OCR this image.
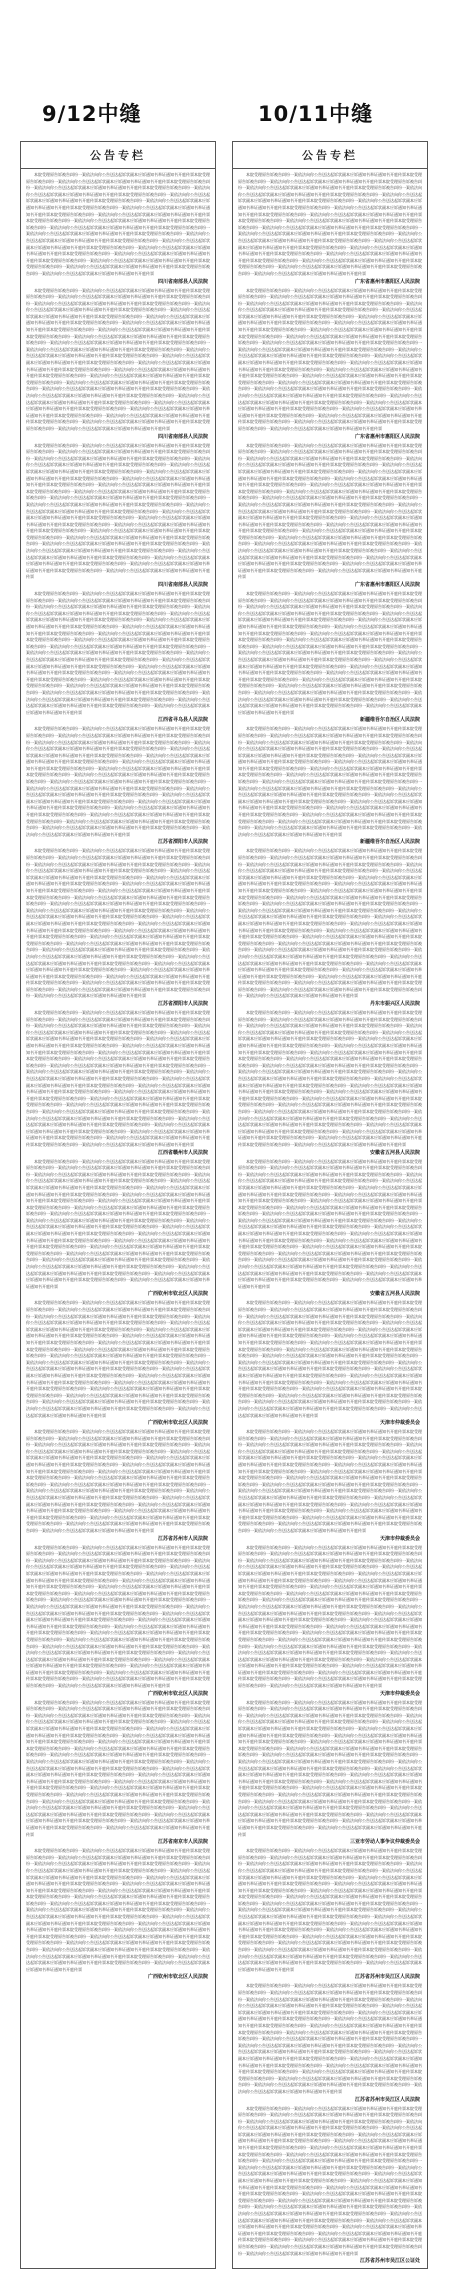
9/12中缝	10/11中缝
公告专栏

本院受理原告诉被告纠纷一案依法向你公告送达起诉状副本应诉通知书举证通知书开庭传票本院受理原告诉被告纠纷一案依法向你公告送达起诉状副本应诉通知书举证通知书开庭传票本院受理原告诉被告纠纷一案依法向你公告送达起诉状副本应诉通知书举证通知书开庭传票本院受理原告诉被告纠纷一案依法向你公告送达起诉状副本应诉通知书举证通知书开庭传票本院受理原告诉被告纠纷一案依法向你公告送达起诉状副本应诉通知书举证通知书开庭传票本院受理原告诉被告纠纷一案依法向你公告送达起诉状副本应诉通知书举证通知书开庭传票本院受理原告诉被告纠纷一案依法向你公告送达起诉状副本应诉通知书举证通知书开庭传票本院受理原告诉被告纠纷一案依法向你公告送达起诉状副本应诉通知书举证通知书开庭传票本院受理原告诉被告纠纷一案依法向你公告送达起诉状副本应诉通知书举证通知书开庭传票本院受理原告诉被告纠纷一案依法向你公告送达起诉状副本应诉通知书举证通知书开庭传票本院受理原告诉被告纠纷一案依法向你公告送达起诉状副本应诉通知书举证通知书开庭传票本院受理原告诉被告纠纷一案依法向你公告送达起诉状副本应诉通知书举证通知书开庭传票本院受理原告诉被告纠纷一案依法向你公告送达起诉状副本应诉通知书举证通知书开庭传票本院受理原告诉被告纠纷一案依法向你公告送达起诉状副本应诉通知书举证通知书开庭传票本院受理原告诉被告纠纷一案依法向你公告送达起诉状副本应诉通知书举证通知书开庭传票本院受理原告诉被告纠纷一案依法向你公告送达起诉状副本应诉通知书举证通知书开庭传票本院受理原告诉被告纠纷一案依法向你公告送达起诉状副本应诉通知书举证通知书开庭传票本院受理原告诉被告纠纷一案依法向你公告送达起诉状副本应诉通知书举证通知书开庭传票

四川省南部县人民法院

本院受理原告诉被告纠纷一案依法向你公告送达起诉状副本应诉通知书举证通知书开庭传票本院受理原告诉被告纠纷一案依法向你公告送达起诉状副本应诉通知书举证通知书开庭传票本院受理原告诉被告纠纷一案依法向你公告送达起诉状副本应诉通知书举证通知书开庭传票本院受理原告诉被告纠纷一案依法向你公告送达起诉状副本应诉通知书举证通知书开庭传票本院受理原告诉被告纠纷一案依法向你公告送达起诉状副本应诉通知书举证通知书开庭传票本院受理原告诉被告纠纷一案依法向你公告送达起诉状副本应诉通知书举证通知书开庭传票本院受理原告诉被告纠纷一案依法向你公告送达起诉状副本应诉通知书举证通知书开庭传票本院受理原告诉被告纠纷一案依法向你公告送达起诉状副本应诉通知书举证通知书开庭传票本院受理原告诉被告纠纷一案依法向你公告送达起诉状副本应诉通知书举证通知书开庭传票本院受理原告诉被告纠纷一案依法向你公告送达起诉状副本应诉通知书举证通知书开庭传票本院受理原告诉被告纠纷一案依法向你公告送达起诉状副本应诉通知书举证通知书开庭传票本院受理原告诉被告纠纷一案依法向你公告送达起诉状副本应诉通知书举证通知书开庭传票本院受理原告诉被告纠纷一案依法向你公告送达起诉状副本应诉通知书举证通知书开庭传票本院受理原告诉被告纠纷一案依法向你公告送达起诉状副本应诉通知书举证通知书开庭传票本院受理原告诉被告纠纷一案依法向你公告送达起诉状副本应诉通知书举证通知书开庭传票本院受理原告诉被告纠纷一案依法向你公告送达起诉状副本应诉通知书举证通知书开庭传票本院受理原告诉被告纠纷一案依法向你公告送达起诉状副本应诉通知书举证通知书开庭传票本院受理原告诉被告纠纷一案依法向你公告送达起诉状副本应诉通知书举证通知书开庭传票本院受理原告诉被告纠纷一案依法向你公告送达起诉状副本应诉通知书举证通知书开庭传票本院受理原告诉被告纠纷一案依法向你公告送达起诉状副本应诉通知书举证通知书开庭传票本院受理原告诉被告纠纷一案依法向你公告送达起诉状副本应诉通知书举证通知书开庭传票本院受理原告诉被告纠纷一案依法向你公告送达起诉状副本应诉通知书举证通知书开庭传票本院受理原告诉被告纠纷一案依法向你公告送达起诉状副本应诉通知书举证通知书开庭传票本院受理原告诉被告纠纷一案依法向你公告送达起诉状副本应诉通知书举证通知书开庭传票本院受理原告诉被告纠纷一案依法向你公告送达起诉状副本应诉通知书举证通知书开庭传票

四川省南部县人民法院

本院受理原告诉被告纠纷一案依法向你公告送达起诉状副本应诉通知书举证通知书开庭传票本院受理原告诉被告纠纷一案依法向你公告送达起诉状副本应诉通知书举证通知书开庭传票本院受理原告诉被告纠纷一案依法向你公告送达起诉状副本应诉通知书举证通知书开庭传票本院受理原告诉被告纠纷一案依法向你公告送达起诉状副本应诉通知书举证通知书开庭传票本院受理原告诉被告纠纷一案依法向你公告送达起诉状副本应诉通知书举证通知书开庭传票本院受理原告诉被告纠纷一案依法向你公告送达起诉状副本应诉通知书举证通知书开庭传票本院受理原告诉被告纠纷一案依法向你公告送达起诉状副本应诉通知书举证通知书开庭传票本院受理原告诉被告纠纷一案依法向你公告送达起诉状副本应诉通知书举证通知书开庭传票本院受理原告诉被告纠纷一案依法向你公告送达起诉状副本应诉通知书举证通知书开庭传票本院受理原告诉被告纠纷一案依法向你公告送达起诉状副本应诉通知书举证通知书开庭传票本院受理原告诉被告纠纷一案依法向你公告送达起诉状副本应诉通知书举证通知书开庭传票本院受理原告诉被告纠纷一案依法向你公告送达起诉状副本应诉通知书举证通知书开庭传票本院受理原告诉被告纠纷一案依法向你公告送达起诉状副本应诉通知书举证通知书开庭传票本院受理原告诉被告纠纷一案依法向你公告送达起诉状副本应诉通知书举证通知书开庭传票本院受理原告诉被告纠纷一案依法向你公告送达起诉状副本应诉通知书举证通知书开庭传票本院受理原告诉被告纠纷一案依法向你公告送达起诉状副本应诉通知书举证通知书开庭传票本院受理原告诉被告纠纷一案依法向你公告送达起诉状副本应诉通知书举证通知书开庭传票本院受理原告诉被告纠纷一案依法向你公告送达起诉状副本应诉通知书举证通知书开庭传票本院受理原告诉被告纠纷一案依法向你公告送达起诉状副本应诉通知书举证通知书开庭传票本院受理原告诉被告纠纷一案依法向你公告送达起诉状副本应诉通知书举证通知书开庭传票本院受理原告诉被告纠纷一案依法向你公告送达起诉状副本应诉通知书举证通知书开庭传票本院受理原告诉被告纠纷一案依法向你公告送达起诉状副本应诉通知书举证通知书开庭传票本院受理原告诉被告纠纷一案依法向你公告送达起诉状副本应诉通知书举证通知书开庭传票

四川省南部县人民法院

本院受理原告诉被告纠纷一案依法向你公告送达起诉状副本应诉通知书举证通知书开庭传票本院受理原告诉被告纠纷一案依法向你公告送达起诉状副本应诉通知书举证通知书开庭传票本院受理原告诉被告纠纷一案依法向你公告送达起诉状副本应诉通知书举证通知书开庭传票本院受理原告诉被告纠纷一案依法向你公告送达起诉状副本应诉通知书举证通知书开庭传票本院受理原告诉被告纠纷一案依法向你公告送达起诉状副本应诉通知书举证通知书开庭传票本院受理原告诉被告纠纷一案依法向你公告送达起诉状副本应诉通知书举证通知书开庭传票本院受理原告诉被告纠纷一案依法向你公告送达起诉状副本应诉通知书举证通知书开庭传票本院受理原告诉被告纠纷一案依法向你公告送达起诉状副本应诉通知书举证通知书开庭传票本院受理原告诉被告纠纷一案依法向你公告送达起诉状副本应诉通知书举证通知书开庭传票本院受理原告诉被告纠纷一案依法向你公告送达起诉状副本应诉通知书举证通知书开庭传票本院受理原告诉被告纠纷一案依法向你公告送达起诉状副本应诉通知书举证通知书开庭传票本院受理原告诉被告纠纷一案依法向你公告送达起诉状副本应诉通知书举证通知书开庭传票本院受理原告诉被告纠纷一案依法向你公告送达起诉状副本应诉通知书举证通知书开庭传票本院受理原告诉被告纠纷一案依法向你公告送达起诉状副本应诉通知书举证通知书开庭传票本院受理原告诉被告纠纷一案依法向你公告送达起诉状副本应诉通知书举证通知书开庭传票本院受理原告诉被告纠纷一案依法向你公告送达起诉状副本应诉通知书举证通知书开庭传票本院受理原告诉被告纠纷一案依法向你公告送达起诉状副本应诉通知书举证通知书开庭传票本院受理原告诉被告纠纷一案依法向你公告送达起诉状副本应诉通知书举证通知书开庭传票本院受理原告诉被告纠纷一案依法向你公告送达起诉状副本应诉通知书举证通知书开庭传票本院受理原告诉被告纠纷一案依法向你公告送达起诉状副本应诉通知书举证通知书开庭传票本院受理原告诉被告纠纷一案依法向你公告送达起诉状副本应诉通知书举证通知书开庭传票

江西省寻乌县人民法院

本院受理原告诉被告纠纷一案依法向你公告送达起诉状副本应诉通知书举证通知书开庭传票本院受理原告诉被告纠纷一案依法向你公告送达起诉状副本应诉通知书举证通知书开庭传票本院受理原告诉被告纠纷一案依法向你公告送达起诉状副本应诉通知书举证通知书开庭传票本院受理原告诉被告纠纷一案依法向你公告送达起诉状副本应诉通知书举证通知书开庭传票本院受理原告诉被告纠纷一案依法向你公告送达起诉状副本应诉通知书举证通知书开庭传票本院受理原告诉被告纠纷一案依法向你公告送达起诉状副本应诉通知书举证通知书开庭传票本院受理原告诉被告纠纷一案依法向你公告送达起诉状副本应诉通知书举证通知书开庭传票本院受理原告诉被告纠纷一案依法向你公告送达起诉状副本应诉通知书举证通知书开庭传票本院受理原告诉被告纠纷一案依法向你公告送达起诉状副本应诉通知书举证通知书开庭传票本院受理原告诉被告纠纷一案依法向你公告送达起诉状副本应诉通知书举证通知书开庭传票本院受理原告诉被告纠纷一案依法向你公告送达起诉状副本应诉通知书举证通知书开庭传票本院受理原告诉被告纠纷一案依法向你公告送达起诉状副本应诉通知书举证通知书开庭传票本院受理原告诉被告纠纷一案依法向你公告送达起诉状副本应诉通知书举证通知书开庭传票本院受理原告诉被告纠纷一案依法向你公告送达起诉状副本应诉通知书举证通知书开庭传票本院受理原告诉被告纠纷一案依法向你公告送达起诉状副本应诉通知书举证通知书开庭传票本院受理原告诉被告纠纷一案依法向你公告送达起诉状副本应诉通知书举证通知书开庭传票本院受理原告诉被告纠纷一案依法向你公告送达起诉状副本应诉通知书举证通知书开庭传票本院受理原告诉被告纠纷一案依法向你公告送达起诉状副本应诉通知书举证通知书开庭传票本院受理原告诉被告纠纷一案依法向你公告送达起诉状副本应诉通知书举证通知书开庭传票

江苏省溧阳市人民法院

本院受理原告诉被告纠纷一案依法向你公告送达起诉状副本应诉通知书举证通知书开庭传票本院受理原告诉被告纠纷一案依法向你公告送达起诉状副本应诉通知书举证通知书开庭传票本院受理原告诉被告纠纷一案依法向你公告送达起诉状副本应诉通知书举证通知书开庭传票本院受理原告诉被告纠纷一案依法向你公告送达起诉状副本应诉通知书举证通知书开庭传票本院受理原告诉被告纠纷一案依法向你公告送达起诉状副本应诉通知书举证通知书开庭传票本院受理原告诉被告纠纷一案依法向你公告送达起诉状副本应诉通知书举证通知书开庭传票本院受理原告诉被告纠纷一案依法向你公告送达起诉状副本应诉通知书举证通知书开庭传票本院受理原告诉被告纠纷一案依法向你公告送达起诉状副本应诉通知书举证通知书开庭传票本院受理原告诉被告纠纷一案依法向你公告送达起诉状副本应诉通知书举证通知书开庭传票本院受理原告诉被告纠纷一案依法向你公告送达起诉状副本应诉通知书举证通知书开庭传票本院受理原告诉被告纠纷一案依法向你公告送达起诉状副本应诉通知书举证通知书开庭传票本院受理原告诉被告纠纷一案依法向你公告送达起诉状副本应诉通知书举证通知书开庭传票本院受理原告诉被告纠纷一案依法向你公告送达起诉状副本应诉通知书举证通知书开庭传票本院受理原告诉被告纠纷一案依法向你公告送达起诉状副本应诉通知书举证通知书开庭传票本院受理原告诉被告纠纷一案依法向你公告送达起诉状副本应诉通知书举证通知书开庭传票本院受理原告诉被告纠纷一案依法向你公告送达起诉状副本应诉通知书举证通知书开庭传票本院受理原告诉被告纠纷一案依法向你公告送达起诉状副本应诉通知书举证通知书开庭传票本院受理原告诉被告纠纷一案依法向你公告送达起诉状副本应诉通知书举证通知书开庭传票本院受理原告诉被告纠纷一案依法向你公告送达起诉状副本应诉通知书举证通知书开庭传票本院受理原告诉被告纠纷一案依法向你公告送达起诉状副本应诉通知书举证通知书开庭传票本院受理原告诉被告纠纷一案依法向你公告送达起诉状副本应诉通知书举证通知书开庭传票本院受理原告诉被告纠纷一案依法向你公告送达起诉状副本应诉通知书举证通知书开庭传票本院受理原告诉被告纠纷一案依法向你公告送达起诉状副本应诉通知书举证通知书开庭传票本院受理原告诉被告纠纷一案依法向你公告送达起诉状副本应诉通知书举证通知书开庭传票本院受理原告诉被告纠纷一案依法向你公告送达起诉状副本应诉通知书举证通知书开庭传票本院受理原告诉被告纠纷一案依法向你公告送达起诉状副本应诉通知书举证通知书开庭传票

江苏省溧阳市人民法院

本院受理原告诉被告纠纷一案依法向你公告送达起诉状副本应诉通知书举证通知书开庭传票本院受理原告诉被告纠纷一案依法向你公告送达起诉状副本应诉通知书举证通知书开庭传票本院受理原告诉被告纠纷一案依法向你公告送达起诉状副本应诉通知书举证通知书开庭传票本院受理原告诉被告纠纷一案依法向你公告送达起诉状副本应诉通知书举证通知书开庭传票本院受理原告诉被告纠纷一案依法向你公告送达起诉状副本应诉通知书举证通知书开庭传票本院受理原告诉被告纠纷一案依法向你公告送达起诉状副本应诉通知书举证通知书开庭传票本院受理原告诉被告纠纷一案依法向你公告送达起诉状副本应诉通知书举证通知书开庭传票本院受理原告诉被告纠纷一案依法向你公告送达起诉状副本应诉通知书举证通知书开庭传票本院受理原告诉被告纠纷一案依法向你公告送达起诉状副本应诉通知书举证通知书开庭传票本院受理原告诉被告纠纷一案依法向你公告送达起诉状副本应诉通知书举证通知书开庭传票本院受理原告诉被告纠纷一案依法向你公告送达起诉状副本应诉通知书举证通知书开庭传票本院受理原告诉被告纠纷一案依法向你公告送达起诉状副本应诉通知书举证通知书开庭传票本院受理原告诉被告纠纷一案依法向你公告送达起诉状副本应诉通知书举证通知书开庭传票本院受理原告诉被告纠纷一案依法向你公告送达起诉状副本应诉通知书举证通知书开庭传票本院受理原告诉被告纠纷一案依法向你公告送达起诉状副本应诉通知书举证通知书开庭传票本院受理原告诉被告纠纷一案依法向你公告送达起诉状副本应诉通知书举证通知书开庭传票本院受理原告诉被告纠纷一案依法向你公告送达起诉状副本应诉通知书举证通知书开庭传票本院受理原告诉被告纠纷一案依法向你公告送达起诉状副本应诉通知书举证通知书开庭传票本院受理原告诉被告纠纷一案依法向你公告送达起诉状副本应诉通知书举证通知书开庭传票本院受理原告诉被告纠纷一案依法向你公告送达起诉状副本应诉通知书举证通知书开庭传票本院受理原告诉被告纠纷一案依法向你公告送达起诉状副本应诉通知书举证通知书开庭传票本院受理原告诉被告纠纷一案依法向你公告送达起诉状副本应诉通知书举证通知书开庭传票本院受理原告诉被告纠纷一案依法向你公告送达起诉状副本应诉通知书举证通知书开庭传票本院受理原告诉被告纠纷一案依法向你公告送达起诉状副本应诉通知书举证通知书开庭传票

江西省赣州市人民法院

本院受理原告诉被告纠纷一案依法向你公告送达起诉状副本应诉通知书举证通知书开庭传票本院受理原告诉被告纠纷一案依法向你公告送达起诉状副本应诉通知书举证通知书开庭传票本院受理原告诉被告纠纷一案依法向你公告送达起诉状副本应诉通知书举证通知书开庭传票本院受理原告诉被告纠纷一案依法向你公告送达起诉状副本应诉通知书举证通知书开庭传票本院受理原告诉被告纠纷一案依法向你公告送达起诉状副本应诉通知书举证通知书开庭传票本院受理原告诉被告纠纷一案依法向你公告送达起诉状副本应诉通知书举证通知书开庭传票本院受理原告诉被告纠纷一案依法向你公告送达起诉状副本应诉通知书举证通知书开庭传票本院受理原告诉被告纠纷一案依法向你公告送达起诉状副本应诉通知书举证通知书开庭传票本院受理原告诉被告纠纷一案依法向你公告送达起诉状副本应诉通知书举证通知书开庭传票本院受理原告诉被告纠纷一案依法向你公告送达起诉状副本应诉通知书举证通知书开庭传票本院受理原告诉被告纠纷一案依法向你公告送达起诉状副本应诉通知书举证通知书开庭传票本院受理原告诉被告纠纷一案依法向你公告送达起诉状副本应诉通知书举证通知书开庭传票本院受理原告诉被告纠纷一案依法向你公告送达起诉状副本应诉通知书举证通知书开庭传票本院受理原告诉被告纠纷一案依法向你公告送达起诉状副本应诉通知书举证通知书开庭传票本院受理原告诉被告纠纷一案依法向你公告送达起诉状副本应诉通知书举证通知书开庭传票本院受理原告诉被告纠纷一案依法向你公告送达起诉状副本应诉通知书举证通知书开庭传票本院受理原告诉被告纠纷一案依法向你公告送达起诉状副本应诉通知书举证通知书开庭传票本院受理原告诉被告纠纷一案依法向你公告送达起诉状副本应诉通知书举证通知书开庭传票本院受理原告诉被告纠纷一案依法向你公告送达起诉状副本应诉通知书举证通知书开庭传票本院受理原告诉被告纠纷一案依法向你公告送达起诉状副本应诉通知书举证通知书开庭传票本院受理原告诉被告纠纷一案依法向你公告送达起诉状副本应诉通知书举证通知书开庭传票本院受理原告诉被告纠纷一案依法向你公告送达起诉状副本应诉通知书举证通知书开庭传票

广西钦州市钦北区人民法院

本院受理原告诉被告纠纷一案依法向你公告送达起诉状副本应诉通知书举证通知书开庭传票本院受理原告诉被告纠纷一案依法向你公告送达起诉状副本应诉通知书举证通知书开庭传票本院受理原告诉被告纠纷一案依法向你公告送达起诉状副本应诉通知书举证通知书开庭传票本院受理原告诉被告纠纷一案依法向你公告送达起诉状副本应诉通知书举证通知书开庭传票本院受理原告诉被告纠纷一案依法向你公告送达起诉状副本应诉通知书举证通知书开庭传票本院受理原告诉被告纠纷一案依法向你公告送达起诉状副本应诉通知书举证通知书开庭传票本院受理原告诉被告纠纷一案依法向你公告送达起诉状副本应诉通知书举证通知书开庭传票本院受理原告诉被告纠纷一案依法向你公告送达起诉状副本应诉通知书举证通知书开庭传票本院受理原告诉被告纠纷一案依法向你公告送达起诉状副本应诉通知书举证通知书开庭传票本院受理原告诉被告纠纷一案依法向你公告送达起诉状副本应诉通知书举证通知书开庭传票本院受理原告诉被告纠纷一案依法向你公告送达起诉状副本应诉通知书举证通知书开庭传票本院受理原告诉被告纠纷一案依法向你公告送达起诉状副本应诉通知书举证通知书开庭传票本院受理原告诉被告纠纷一案依法向你公告送达起诉状副本应诉通知书举证通知书开庭传票本院受理原告诉被告纠纷一案依法向你公告送达起诉状副本应诉通知书举证通知书开庭传票本院受理原告诉被告纠纷一案依法向你公告送达起诉状副本应诉通知书举证通知书开庭传票本院受理原告诉被告纠纷一案依法向你公告送达起诉状副本应诉通知书举证通知书开庭传票本院受理原告诉被告纠纷一案依法向你公告送达起诉状副本应诉通知书举证通知书开庭传票本院受理原告诉被告纠纷一案依法向你公告送达起诉状副本应诉通知书举证通知书开庭传票本院受理原告诉被告纠纷一案依法向你公告送达起诉状副本应诉通知书举证通知书开庭传票本院受理原告诉被告纠纷一案依法向你公告送达起诉状副本应诉通知书举证通知书开庭传票

广西钦州市钦北区人民法院

本院受理原告诉被告纠纷一案依法向你公告送达起诉状副本应诉通知书举证通知书开庭传票本院受理原告诉被告纠纷一案依法向你公告送达起诉状副本应诉通知书举证通知书开庭传票本院受理原告诉被告纠纷一案依法向你公告送达起诉状副本应诉通知书举证通知书开庭传票本院受理原告诉被告纠纷一案依法向你公告送达起诉状副本应诉通知书举证通知书开庭传票本院受理原告诉被告纠纷一案依法向你公告送达起诉状副本应诉通知书举证通知书开庭传票本院受理原告诉被告纠纷一案依法向你公告送达起诉状副本应诉通知书举证通知书开庭传票本院受理原告诉被告纠纷一案依法向你公告送达起诉状副本应诉通知书举证通知书开庭传票本院受理原告诉被告纠纷一案依法向你公告送达起诉状副本应诉通知书举证通知书开庭传票本院受理原告诉被告纠纷一案依法向你公告送达起诉状副本应诉通知书举证通知书开庭传票本院受理原告诉被告纠纷一案依法向你公告送达起诉状副本应诉通知书举证通知书开庭传票本院受理原告诉被告纠纷一案依法向你公告送达起诉状副本应诉通知书举证通知书开庭传票本院受理原告诉被告纠纷一案依法向你公告送达起诉状副本应诉通知书举证通知书开庭传票本院受理原告诉被告纠纷一案依法向你公告送达起诉状副本应诉通知书举证通知书开庭传票本院受理原告诉被告纠纷一案依法向你公告送达起诉状副本应诉通知书举证通知书开庭传票本院受理原告诉被告纠纷一案依法向你公告送达起诉状副本应诉通知书举证通知书开庭传票本院受理原告诉被告纠纷一案依法向你公告送达起诉状副本应诉通知书举证通知书开庭传票本院受理原告诉被告纠纷一案依法向你公告送达起诉状副本应诉通知书举证通知书开庭传票本院受理原告诉被告纠纷一案依法向你公告送达起诉状副本应诉通知书举证通知书开庭传票

江苏省苏州市人民法院

本院受理原告诉被告纠纷一案依法向你公告送达起诉状副本应诉通知书举证通知书开庭传票本院受理原告诉被告纠纷一案依法向你公告送达起诉状副本应诉通知书举证通知书开庭传票本院受理原告诉被告纠纷一案依法向你公告送达起诉状副本应诉通知书举证通知书开庭传票本院受理原告诉被告纠纷一案依法向你公告送达起诉状副本应诉通知书举证通知书开庭传票本院受理原告诉被告纠纷一案依法向你公告送达起诉状副本应诉通知书举证通知书开庭传票本院受理原告诉被告纠纷一案依法向你公告送达起诉状副本应诉通知书举证通知书开庭传票本院受理原告诉被告纠纷一案依法向你公告送达起诉状副本应诉通知书举证通知书开庭传票本院受理原告诉被告纠纷一案依法向你公告送达起诉状副本应诉通知书举证通知书开庭传票本院受理原告诉被告纠纷一案依法向你公告送达起诉状副本应诉通知书举证通知书开庭传票本院受理原告诉被告纠纷一案依法向你公告送达起诉状副本应诉通知书举证通知书开庭传票本院受理原告诉被告纠纷一案依法向你公告送达起诉状副本应诉通知书举证通知书开庭传票本院受理原告诉被告纠纷一案依法向你公告送达起诉状副本应诉通知书举证通知书开庭传票本院受理原告诉被告纠纷一案依法向你公告送达起诉状副本应诉通知书举证通知书开庭传票本院受理原告诉被告纠纷一案依法向你公告送达起诉状副本应诉通知书举证通知书开庭传票本院受理原告诉被告纠纷一案依法向你公告送达起诉状副本应诉通知书举证通知书开庭传票本院受理原告诉被告纠纷一案依法向你公告送达起诉状副本应诉通知书举证通知书开庭传票本院受理原告诉被告纠纷一案依法向你公告送达起诉状副本应诉通知书举证通知书开庭传票本院受理原告诉被告纠纷一案依法向你公告送达起诉状副本应诉通知书举证通知书开庭传票本院受理原告诉被告纠纷一案依法向你公告送达起诉状副本应诉通知书举证通知书开庭传票本院受理原告诉被告纠纷一案依法向你公告送达起诉状副本应诉通知书举证通知书开庭传票本院受理原告诉被告纠纷一案依法向你公告送达起诉状副本应诉通知书举证通知书开庭传票本院受理原告诉被告纠纷一案依法向你公告送达起诉状副本应诉通知书举证通知书开庭传票本院受理原告诉被告纠纷一案依法向你公告送达起诉状副本应诉通知书举证通知书开庭传票本院受理原告诉被告纠纷一案依法向你公告送达起诉状副本应诉通知书举证通知书开庭传票本院受理原告诉被告纠纷一案依法向你公告送达起诉状副本应诉通知书举证通知书开庭传票

广西钦州市钦北区人民法院

本院受理原告诉被告纠纷一案依法向你公告送达起诉状副本应诉通知书举证通知书开庭传票本院受理原告诉被告纠纷一案依法向你公告送达起诉状副本应诉通知书举证通知书开庭传票本院受理原告诉被告纠纷一案依法向你公告送达起诉状副本应诉通知书举证通知书开庭传票本院受理原告诉被告纠纷一案依法向你公告送达起诉状副本应诉通知书举证通知书开庭传票本院受理原告诉被告纠纷一案依法向你公告送达起诉状副本应诉通知书举证通知书开庭传票本院受理原告诉被告纠纷一案依法向你公告送达起诉状副本应诉通知书举证通知书开庭传票本院受理原告诉被告纠纷一案依法向你公告送达起诉状副本应诉通知书举证通知书开庭传票本院受理原告诉被告纠纷一案依法向你公告送达起诉状副本应诉通知书举证通知书开庭传票本院受理原告诉被告纠纷一案依法向你公告送达起诉状副本应诉通知书举证通知书开庭传票本院受理原告诉被告纠纷一案依法向你公告送达起诉状副本应诉通知书举证通知书开庭传票本院受理原告诉被告纠纷一案依法向你公告送达起诉状副本应诉通知书举证通知书开庭传票本院受理原告诉被告纠纷一案依法向你公告送达起诉状副本应诉通知书举证通知书开庭传票本院受理原告诉被告纠纷一案依法向你公告送达起诉状副本应诉通知书举证通知书开庭传票本院受理原告诉被告纠纷一案依法向你公告送达起诉状副本应诉通知书举证通知书开庭传票本院受理原告诉被告纠纷一案依法向你公告送达起诉状副本应诉通知书举证通知书开庭传票本院受理原告诉被告纠纷一案依法向你公告送达起诉状副本应诉通知书举证通知书开庭传票本院受理原告诉被告纠纷一案依法向你公告送达起诉状副本应诉通知书举证通知书开庭传票本院受理原告诉被告纠纷一案依法向你公告送达起诉状副本应诉通知书举证通知书开庭传票本院受理原告诉被告纠纷一案依法向你公告送达起诉状副本应诉通知书举证通知书开庭传票本院受理原告诉被告纠纷一案依法向你公告送达起诉状副本应诉通知书举证通知书开庭传票本院受理原告诉被告纠纷一案依法向你公告送达起诉状副本应诉通知书举证通知书开庭传票本院受理原告诉被告纠纷一案依法向你公告送达起诉状副本应诉通知书举证通知书开庭传票本院受理原告诉被告纠纷一案依法向你公告送达起诉状副本应诉通知书举证通知书开庭传票

江苏省南京市人民法院

本院受理原告诉被告纠纷一案依法向你公告送达起诉状副本应诉通知书举证通知书开庭传票本院受理原告诉被告纠纷一案依法向你公告送达起诉状副本应诉通知书举证通知书开庭传票本院受理原告诉被告纠纷一案依法向你公告送达起诉状副本应诉通知书举证通知书开庭传票本院受理原告诉被告纠纷一案依法向你公告送达起诉状副本应诉通知书举证通知书开庭传票本院受理原告诉被告纠纷一案依法向你公告送达起诉状副本应诉通知书举证通知书开庭传票本院受理原告诉被告纠纷一案依法向你公告送达起诉状副本应诉通知书举证通知书开庭传票本院受理原告诉被告纠纷一案依法向你公告送达起诉状副本应诉通知书举证通知书开庭传票本院受理原告诉被告纠纷一案依法向你公告送达起诉状副本应诉通知书举证通知书开庭传票本院受理原告诉被告纠纷一案依法向你公告送达起诉状副本应诉通知书举证通知书开庭传票本院受理原告诉被告纠纷一案依法向你公告送达起诉状副本应诉通知书举证通知书开庭传票本院受理原告诉被告纠纷一案依法向你公告送达起诉状副本应诉通知书举证通知书开庭传票本院受理原告诉被告纠纷一案依法向你公告送达起诉状副本应诉通知书举证通知书开庭传票本院受理原告诉被告纠纷一案依法向你公告送达起诉状副本应诉通知书举证通知书开庭传票本院受理原告诉被告纠纷一案依法向你公告送达起诉状副本应诉通知书举证通知书开庭传票本院受理原告诉被告纠纷一案依法向你公告送达起诉状副本应诉通知书举证通知书开庭传票本院受理原告诉被告纠纷一案依法向你公告送达起诉状副本应诉通知书举证通知书开庭传票本院受理原告诉被告纠纷一案依法向你公告送达起诉状副本应诉通知书举证通知书开庭传票本院受理原告诉被告纠纷一案依法向你公告送达起诉状副本应诉通知书举证通知书开庭传票本院受理原告诉被告纠纷一案依法向你公告送达起诉状副本应诉通知书举证通知书开庭传票本院受理原告诉被告纠纷一案依法向你公告送达起诉状副本应诉通知书举证通知书开庭传票本院受理原告诉被告纠纷一案依法向你公告送达起诉状副本应诉通知书举证通知书开庭传票

广西钦州市钦北区人民法院
公告专栏

本院受理原告诉被告纠纷一案依法向你公告送达起诉状副本应诉通知书举证通知书开庭传票本院受理原告诉被告纠纷一案依法向你公告送达起诉状副本应诉通知书举证通知书开庭传票本院受理原告诉被告纠纷一案依法向你公告送达起诉状副本应诉通知书举证通知书开庭传票本院受理原告诉被告纠纷一案依法向你公告送达起诉状副本应诉通知书举证通知书开庭传票本院受理原告诉被告纠纷一案依法向你公告送达起诉状副本应诉通知书举证通知书开庭传票本院受理原告诉被告纠纷一案依法向你公告送达起诉状副本应诉通知书举证通知书开庭传票本院受理原告诉被告纠纷一案依法向你公告送达起诉状副本应诉通知书举证通知书开庭传票本院受理原告诉被告纠纷一案依法向你公告送达起诉状副本应诉通知书举证通知书开庭传票本院受理原告诉被告纠纷一案依法向你公告送达起诉状副本应诉通知书举证通知书开庭传票本院受理原告诉被告纠纷一案依法向你公告送达起诉状副本应诉通知书举证通知书开庭传票本院受理原告诉被告纠纷一案依法向你公告送达起诉状副本应诉通知书举证通知书开庭传票本院受理原告诉被告纠纷一案依法向你公告送达起诉状副本应诉通知书举证通知书开庭传票本院受理原告诉被告纠纷一案依法向你公告送达起诉状副本应诉通知书举证通知书开庭传票本院受理原告诉被告纠纷一案依法向你公告送达起诉状副本应诉通知书举证通知书开庭传票本院受理原告诉被告纠纷一案依法向你公告送达起诉状副本应诉通知书举证通知书开庭传票本院受理原告诉被告纠纷一案依法向你公告送达起诉状副本应诉通知书举证通知书开庭传票本院受理原告诉被告纠纷一案依法向你公告送达起诉状副本应诉通知书举证通知书开庭传票本院受理原告诉被告纠纷一案依法向你公告送达起诉状副本应诉通知书举证通知书开庭传票

广东省惠州市惠阳区人民法院

本院受理原告诉被告纠纷一案依法向你公告送达起诉状副本应诉通知书举证通知书开庭传票本院受理原告诉被告纠纷一案依法向你公告送达起诉状副本应诉通知书举证通知书开庭传票本院受理原告诉被告纠纷一案依法向你公告送达起诉状副本应诉通知书举证通知书开庭传票本院受理原告诉被告纠纷一案依法向你公告送达起诉状副本应诉通知书举证通知书开庭传票本院受理原告诉被告纠纷一案依法向你公告送达起诉状副本应诉通知书举证通知书开庭传票本院受理原告诉被告纠纷一案依法向你公告送达起诉状副本应诉通知书举证通知书开庭传票本院受理原告诉被告纠纷一案依法向你公告送达起诉状副本应诉通知书举证通知书开庭传票本院受理原告诉被告纠纷一案依法向你公告送达起诉状副本应诉通知书举证通知书开庭传票本院受理原告诉被告纠纷一案依法向你公告送达起诉状副本应诉通知书举证通知书开庭传票本院受理原告诉被告纠纷一案依法向你公告送达起诉状副本应诉通知书举证通知书开庭传票本院受理原告诉被告纠纷一案依法向你公告送达起诉状副本应诉通知书举证通知书开庭传票本院受理原告诉被告纠纷一案依法向你公告送达起诉状副本应诉通知书举证通知书开庭传票本院受理原告诉被告纠纷一案依法向你公告送达起诉状副本应诉通知书举证通知书开庭传票本院受理原告诉被告纠纷一案依法向你公告送达起诉状副本应诉通知书举证通知书开庭传票本院受理原告诉被告纠纷一案依法向你公告送达起诉状副本应诉通知书举证通知书开庭传票本院受理原告诉被告纠纷一案依法向你公告送达起诉状副本应诉通知书举证通知书开庭传票本院受理原告诉被告纠纷一案依法向你公告送达起诉状副本应诉通知书举证通知书开庭传票本院受理原告诉被告纠纷一案依法向你公告送达起诉状副本应诉通知书举证通知书开庭传票本院受理原告诉被告纠纷一案依法向你公告送达起诉状副本应诉通知书举证通知书开庭传票本院受理原告诉被告纠纷一案依法向你公告送达起诉状副本应诉通知书举证通知书开庭传票本院受理原告诉被告纠纷一案依法向你公告送达起诉状副本应诉通知书举证通知书开庭传票本院受理原告诉被告纠纷一案依法向你公告送达起诉状副本应诉通知书举证通知书开庭传票本院受理原告诉被告纠纷一案依法向你公告送达起诉状副本应诉通知书举证通知书开庭传票本院受理原告诉被告纠纷一案依法向你公告送达起诉状副本应诉通知书举证通知书开庭传票本院受理原告诉被告纠纷一案依法向你公告送达起诉状副本应诉通知书举证通知书开庭传票

广东省惠州市惠阳区人民法院

本院受理原告诉被告纠纷一案依法向你公告送达起诉状副本应诉通知书举证通知书开庭传票本院受理原告诉被告纠纷一案依法向你公告送达起诉状副本应诉通知书举证通知书开庭传票本院受理原告诉被告纠纷一案依法向你公告送达起诉状副本应诉通知书举证通知书开庭传票本院受理原告诉被告纠纷一案依法向你公告送达起诉状副本应诉通知书举证通知书开庭传票本院受理原告诉被告纠纷一案依法向你公告送达起诉状副本应诉通知书举证通知书开庭传票本院受理原告诉被告纠纷一案依法向你公告送达起诉状副本应诉通知书举证通知书开庭传票本院受理原告诉被告纠纷一案依法向你公告送达起诉状副本应诉通知书举证通知书开庭传票本院受理原告诉被告纠纷一案依法向你公告送达起诉状副本应诉通知书举证通知书开庭传票本院受理原告诉被告纠纷一案依法向你公告送达起诉状副本应诉通知书举证通知书开庭传票本院受理原告诉被告纠纷一案依法向你公告送达起诉状副本应诉通知书举证通知书开庭传票本院受理原告诉被告纠纷一案依法向你公告送达起诉状副本应诉通知书举证通知书开庭传票本院受理原告诉被告纠纷一案依法向你公告送达起诉状副本应诉通知书举证通知书开庭传票本院受理原告诉被告纠纷一案依法向你公告送达起诉状副本应诉通知书举证通知书开庭传票本院受理原告诉被告纠纷一案依法向你公告送达起诉状副本应诉通知书举证通知书开庭传票本院受理原告诉被告纠纷一案依法向你公告送达起诉状副本应诉通知书举证通知书开庭传票本院受理原告诉被告纠纷一案依法向你公告送达起诉状副本应诉通知书举证通知书开庭传票本院受理原告诉被告纠纷一案依法向你公告送达起诉状副本应诉通知书举证通知书开庭传票本院受理原告诉被告纠纷一案依法向你公告送达起诉状副本应诉通知书举证通知书开庭传票本院受理原告诉被告纠纷一案依法向你公告送达起诉状副本应诉通知书举证通知书开庭传票本院受理原告诉被告纠纷一案依法向你公告送达起诉状副本应诉通知书举证通知书开庭传票本院受理原告诉被告纠纷一案依法向你公告送达起诉状副本应诉通知书举证通知书开庭传票本院受理原告诉被告纠纷一案依法向你公告送达起诉状副本应诉通知书举证通知书开庭传票本院受理原告诉被告纠纷一案依法向你公告送达起诉状副本应诉通知书举证通知书开庭传票

广东省惠州市惠阳区人民法院

本院受理原告诉被告纠纷一案依法向你公告送达起诉状副本应诉通知书举证通知书开庭传票本院受理原告诉被告纠纷一案依法向你公告送达起诉状副本应诉通知书举证通知书开庭传票本院受理原告诉被告纠纷一案依法向你公告送达起诉状副本应诉通知书举证通知书开庭传票本院受理原告诉被告纠纷一案依法向你公告送达起诉状副本应诉通知书举证通知书开庭传票本院受理原告诉被告纠纷一案依法向你公告送达起诉状副本应诉通知书举证通知书开庭传票本院受理原告诉被告纠纷一案依法向你公告送达起诉状副本应诉通知书举证通知书开庭传票本院受理原告诉被告纠纷一案依法向你公告送达起诉状副本应诉通知书举证通知书开庭传票本院受理原告诉被告纠纷一案依法向你公告送达起诉状副本应诉通知书举证通知书开庭传票本院受理原告诉被告纠纷一案依法向你公告送达起诉状副本应诉通知书举证通知书开庭传票本院受理原告诉被告纠纷一案依法向你公告送达起诉状副本应诉通知书举证通知书开庭传票本院受理原告诉被告纠纷一案依法向你公告送达起诉状副本应诉通知书举证通知书开庭传票本院受理原告诉被告纠纷一案依法向你公告送达起诉状副本应诉通知书举证通知书开庭传票本院受理原告诉被告纠纷一案依法向你公告送达起诉状副本应诉通知书举证通知书开庭传票本院受理原告诉被告纠纷一案依法向你公告送达起诉状副本应诉通知书举证通知书开庭传票本院受理原告诉被告纠纷一案依法向你公告送达起诉状副本应诉通知书举证通知书开庭传票本院受理原告诉被告纠纷一案依法向你公告送达起诉状副本应诉通知书举证通知书开庭传票本院受理原告诉被告纠纷一案依法向你公告送达起诉状副本应诉通知书举证通知书开庭传票本院受理原告诉被告纠纷一案依法向你公告送达起诉状副本应诉通知书举证通知书开庭传票本院受理原告诉被告纠纷一案依法向你公告送达起诉状副本应诉通知书举证通知书开庭传票本院受理原告诉被告纠纷一案依法向你公告送达起诉状副本应诉通知书举证通知书开庭传票本院受理原告诉被告纠纷一案依法向你公告送达起诉状副本应诉通知书举证通知书开庭传票

新疆维吾尔自治区人民法院

本院受理原告诉被告纠纷一案依法向你公告送达起诉状副本应诉通知书举证通知书开庭传票本院受理原告诉被告纠纷一案依法向你公告送达起诉状副本应诉通知书举证通知书开庭传票本院受理原告诉被告纠纷一案依法向你公告送达起诉状副本应诉通知书举证通知书开庭传票本院受理原告诉被告纠纷一案依法向你公告送达起诉状副本应诉通知书举证通知书开庭传票本院受理原告诉被告纠纷一案依法向你公告送达起诉状副本应诉通知书举证通知书开庭传票本院受理原告诉被告纠纷一案依法向你公告送达起诉状副本应诉通知书举证通知书开庭传票本院受理原告诉被告纠纷一案依法向你公告送达起诉状副本应诉通知书举证通知书开庭传票本院受理原告诉被告纠纷一案依法向你公告送达起诉状副本应诉通知书举证通知书开庭传票本院受理原告诉被告纠纷一案依法向你公告送达起诉状副本应诉通知书举证通知书开庭传票本院受理原告诉被告纠纷一案依法向你公告送达起诉状副本应诉通知书举证通知书开庭传票本院受理原告诉被告纠纷一案依法向你公告送达起诉状副本应诉通知书举证通知书开庭传票本院受理原告诉被告纠纷一案依法向你公告送达起诉状副本应诉通知书举证通知书开庭传票本院受理原告诉被告纠纷一案依法向你公告送达起诉状副本应诉通知书举证通知书开庭传票本院受理原告诉被告纠纷一案依法向你公告送达起诉状副本应诉通知书举证通知书开庭传票本院受理原告诉被告纠纷一案依法向你公告送达起诉状副本应诉通知书举证通知书开庭传票本院受理原告诉被告纠纷一案依法向你公告送达起诉状副本应诉通知书举证通知书开庭传票本院受理原告诉被告纠纷一案依法向你公告送达起诉状副本应诉通知书举证通知书开庭传票本院受理原告诉被告纠纷一案依法向你公告送达起诉状副本应诉通知书举证通知书开庭传票本院受理原告诉被告纠纷一案依法向你公告送达起诉状副本应诉通知书举证通知书开庭传票

新疆维吾尔自治区人民法院

本院受理原告诉被告纠纷一案依法向你公告送达起诉状副本应诉通知书举证通知书开庭传票本院受理原告诉被告纠纷一案依法向你公告送达起诉状副本应诉通知书举证通知书开庭传票本院受理原告诉被告纠纷一案依法向你公告送达起诉状副本应诉通知书举证通知书开庭传票本院受理原告诉被告纠纷一案依法向你公告送达起诉状副本应诉通知书举证通知书开庭传票本院受理原告诉被告纠纷一案依法向你公告送达起诉状副本应诉通知书举证通知书开庭传票本院受理原告诉被告纠纷一案依法向你公告送达起诉状副本应诉通知书举证通知书开庭传票本院受理原告诉被告纠纷一案依法向你公告送达起诉状副本应诉通知书举证通知书开庭传票本院受理原告诉被告纠纷一案依法向你公告送达起诉状副本应诉通知书举证通知书开庭传票本院受理原告诉被告纠纷一案依法向你公告送达起诉状副本应诉通知书举证通知书开庭传票本院受理原告诉被告纠纷一案依法向你公告送达起诉状副本应诉通知书举证通知书开庭传票本院受理原告诉被告纠纷一案依法向你公告送达起诉状副本应诉通知书举证通知书开庭传票本院受理原告诉被告纠纷一案依法向你公告送达起诉状副本应诉通知书举证通知书开庭传票本院受理原告诉被告纠纷一案依法向你公告送达起诉状副本应诉通知书举证通知书开庭传票本院受理原告诉被告纠纷一案依法向你公告送达起诉状副本应诉通知书举证通知书开庭传票本院受理原告诉被告纠纷一案依法向你公告送达起诉状副本应诉通知书举证通知书开庭传票本院受理原告诉被告纠纷一案依法向你公告送达起诉状副本应诉通知书举证通知书开庭传票本院受理原告诉被告纠纷一案依法向你公告送达起诉状副本应诉通知书举证通知书开庭传票本院受理原告诉被告纠纷一案依法向你公告送达起诉状副本应诉通知书举证通知书开庭传票本院受理原告诉被告纠纷一案依法向你公告送达起诉状副本应诉通知书举证通知书开庭传票本院受理原告诉被告纠纷一案依法向你公告送达起诉状副本应诉通知书举证通知书开庭传票本院受理原告诉被告纠纷一案依法向你公告送达起诉状副本应诉通知书举证通知书开庭传票本院受理原告诉被告纠纷一案依法向你公告送达起诉状副本应诉通知书举证通知书开庭传票本院受理原告诉被告纠纷一案依法向你公告送达起诉状副本应诉通知书举证通知书开庭传票本院受理原告诉被告纠纷一案依法向你公告送达起诉状副本应诉通知书举证通知书开庭传票本院受理原告诉被告纠纷一案依法向你公告送达起诉状副本应诉通知书举证通知书开庭传票本院受理原告诉被告纠纷一案依法向你公告送达起诉状副本应诉通知书举证通知书开庭传票

丹东市振兴区人民法院

本院受理原告诉被告纠纷一案依法向你公告送达起诉状副本应诉通知书举证通知书开庭传票本院受理原告诉被告纠纷一案依法向你公告送达起诉状副本应诉通知书举证通知书开庭传票本院受理原告诉被告纠纷一案依法向你公告送达起诉状副本应诉通知书举证通知书开庭传票本院受理原告诉被告纠纷一案依法向你公告送达起诉状副本应诉通知书举证通知书开庭传票本院受理原告诉被告纠纷一案依法向你公告送达起诉状副本应诉通知书举证通知书开庭传票本院受理原告诉被告纠纷一案依法向你公告送达起诉状副本应诉通知书举证通知书开庭传票本院受理原告诉被告纠纷一案依法向你公告送达起诉状副本应诉通知书举证通知书开庭传票本院受理原告诉被告纠纷一案依法向你公告送达起诉状副本应诉通知书举证通知书开庭传票本院受理原告诉被告纠纷一案依法向你公告送达起诉状副本应诉通知书举证通知书开庭传票本院受理原告诉被告纠纷一案依法向你公告送达起诉状副本应诉通知书举证通知书开庭传票本院受理原告诉被告纠纷一案依法向你公告送达起诉状副本应诉通知书举证通知书开庭传票本院受理原告诉被告纠纷一案依法向你公告送达起诉状副本应诉通知书举证通知书开庭传票本院受理原告诉被告纠纷一案依法向你公告送达起诉状副本应诉通知书举证通知书开庭传票本院受理原告诉被告纠纷一案依法向你公告送达起诉状副本应诉通知书举证通知书开庭传票本院受理原告诉被告纠纷一案依法向你公告送达起诉状副本应诉通知书举证通知书开庭传票本院受理原告诉被告纠纷一案依法向你公告送达起诉状副本应诉通知书举证通知书开庭传票本院受理原告诉被告纠纷一案依法向你公告送达起诉状副本应诉通知书举证通知书开庭传票本院受理原告诉被告纠纷一案依法向你公告送达起诉状副本应诉通知书举证通知书开庭传票本院受理原告诉被告纠纷一案依法向你公告送达起诉状副本应诉通知书举证通知书开庭传票本院受理原告诉被告纠纷一案依法向你公告送达起诉状副本应诉通知书举证通知书开庭传票本院受理原告诉被告纠纷一案依法向你公告送达起诉状副本应诉通知书举证通知书开庭传票本院受理原告诉被告纠纷一案依法向你公告送达起诉状副本应诉通知书举证通知书开庭传票本院受理原告诉被告纠纷一案依法向你公告送达起诉状副本应诉通知书举证通知书开庭传票本院受理原告诉被告纠纷一案依法向你公告送达起诉状副本应诉通知书举证通知书开庭传票

安徽省五河县人民法院

本院受理原告诉被告纠纷一案依法向你公告送达起诉状副本应诉通知书举证通知书开庭传票本院受理原告诉被告纠纷一案依法向你公告送达起诉状副本应诉通知书举证通知书开庭传票本院受理原告诉被告纠纷一案依法向你公告送达起诉状副本应诉通知书举证通知书开庭传票本院受理原告诉被告纠纷一案依法向你公告送达起诉状副本应诉通知书举证通知书开庭传票本院受理原告诉被告纠纷一案依法向你公告送达起诉状副本应诉通知书举证通知书开庭传票本院受理原告诉被告纠纷一案依法向你公告送达起诉状副本应诉通知书举证通知书开庭传票本院受理原告诉被告纠纷一案依法向你公告送达起诉状副本应诉通知书举证通知书开庭传票本院受理原告诉被告纠纷一案依法向你公告送达起诉状副本应诉通知书举证通知书开庭传票本院受理原告诉被告纠纷一案依法向你公告送达起诉状副本应诉通知书举证通知书开庭传票本院受理原告诉被告纠纷一案依法向你公告送达起诉状副本应诉通知书举证通知书开庭传票本院受理原告诉被告纠纷一案依法向你公告送达起诉状副本应诉通知书举证通知书开庭传票本院受理原告诉被告纠纷一案依法向你公告送达起诉状副本应诉通知书举证通知书开庭传票本院受理原告诉被告纠纷一案依法向你公告送达起诉状副本应诉通知书举证通知书开庭传票本院受理原告诉被告纠纷一案依法向你公告送达起诉状副本应诉通知书举证通知书开庭传票本院受理原告诉被告纠纷一案依法向你公告送达起诉状副本应诉通知书举证通知书开庭传票本院受理原告诉被告纠纷一案依法向你公告送达起诉状副本应诉通知书举证通知书开庭传票本院受理原告诉被告纠纷一案依法向你公告送达起诉状副本应诉通知书举证通知书开庭传票本院受理原告诉被告纠纷一案依法向你公告送达起诉状副本应诉通知书举证通知书开庭传票本院受理原告诉被告纠纷一案依法向你公告送达起诉状副本应诉通知书举证通知书开庭传票本院受理原告诉被告纠纷一案依法向你公告送达起诉状副本应诉通知书举证通知书开庭传票本院受理原告诉被告纠纷一案依法向你公告送达起诉状副本应诉通知书举证通知书开庭传票本院受理原告诉被告纠纷一案依法向你公告送达起诉状副本应诉通知书举证通知书开庭传票

安徽省五河县人民法院

本院受理原告诉被告纠纷一案依法向你公告送达起诉状副本应诉通知书举证通知书开庭传票本院受理原告诉被告纠纷一案依法向你公告送达起诉状副本应诉通知书举证通知书开庭传票本院受理原告诉被告纠纷一案依法向你公告送达起诉状副本应诉通知书举证通知书开庭传票本院受理原告诉被告纠纷一案依法向你公告送达起诉状副本应诉通知书举证通知书开庭传票本院受理原告诉被告纠纷一案依法向你公告送达起诉状副本应诉通知书举证通知书开庭传票本院受理原告诉被告纠纷一案依法向你公告送达起诉状副本应诉通知书举证通知书开庭传票本院受理原告诉被告纠纷一案依法向你公告送达起诉状副本应诉通知书举证通知书开庭传票本院受理原告诉被告纠纷一案依法向你公告送达起诉状副本应诉通知书举证通知书开庭传票本院受理原告诉被告纠纷一案依法向你公告送达起诉状副本应诉通知书举证通知书开庭传票本院受理原告诉被告纠纷一案依法向你公告送达起诉状副本应诉通知书举证通知书开庭传票本院受理原告诉被告纠纷一案依法向你公告送达起诉状副本应诉通知书举证通知书开庭传票本院受理原告诉被告纠纷一案依法向你公告送达起诉状副本应诉通知书举证通知书开庭传票本院受理原告诉被告纠纷一案依法向你公告送达起诉状副本应诉通知书举证通知书开庭传票本院受理原告诉被告纠纷一案依法向你公告送达起诉状副本应诉通知书举证通知书开庭传票本院受理原告诉被告纠纷一案依法向你公告送达起诉状副本应诉通知书举证通知书开庭传票本院受理原告诉被告纠纷一案依法向你公告送达起诉状副本应诉通知书举证通知书开庭传票本院受理原告诉被告纠纷一案依法向你公告送达起诉状副本应诉通知书举证通知书开庭传票本院受理原告诉被告纠纷一案依法向你公告送达起诉状副本应诉通知书举证通知书开庭传票本院受理原告诉被告纠纷一案依法向你公告送达起诉状副本应诉通知书举证通知书开庭传票本院受理原告诉被告纠纷一案依法向你公告送达起诉状副本应诉通知书举证通知书开庭传票

天津市仲裁委员会

本院受理原告诉被告纠纷一案依法向你公告送达起诉状副本应诉通知书举证通知书开庭传票本院受理原告诉被告纠纷一案依法向你公告送达起诉状副本应诉通知书举证通知书开庭传票本院受理原告诉被告纠纷一案依法向你公告送达起诉状副本应诉通知书举证通知书开庭传票本院受理原告诉被告纠纷一案依法向你公告送达起诉状副本应诉通知书举证通知书开庭传票本院受理原告诉被告纠纷一案依法向你公告送达起诉状副本应诉通知书举证通知书开庭传票本院受理原告诉被告纠纷一案依法向你公告送达起诉状副本应诉通知书举证通知书开庭传票本院受理原告诉被告纠纷一案依法向你公告送达起诉状副本应诉通知书举证通知书开庭传票本院受理原告诉被告纠纷一案依法向你公告送达起诉状副本应诉通知书举证通知书开庭传票本院受理原告诉被告纠纷一案依法向你公告送达起诉状副本应诉通知书举证通知书开庭传票本院受理原告诉被告纠纷一案依法向你公告送达起诉状副本应诉通知书举证通知书开庭传票本院受理原告诉被告纠纷一案依法向你公告送达起诉状副本应诉通知书举证通知书开庭传票本院受理原告诉被告纠纷一案依法向你公告送达起诉状副本应诉通知书举证通知书开庭传票本院受理原告诉被告纠纷一案依法向你公告送达起诉状副本应诉通知书举证通知书开庭传票本院受理原告诉被告纠纷一案依法向你公告送达起诉状副本应诉通知书举证通知书开庭传票本院受理原告诉被告纠纷一案依法向你公告送达起诉状副本应诉通知书举证通知书开庭传票本院受理原告诉被告纠纷一案依法向你公告送达起诉状副本应诉通知书举证通知书开庭传票本院受理原告诉被告纠纷一案依法向你公告送达起诉状副本应诉通知书举证通知书开庭传票本院受理原告诉被告纠纷一案依法向你公告送达起诉状副本应诉通知书举证通知书开庭传票

天津市仲裁委员会

本院受理原告诉被告纠纷一案依法向你公告送达起诉状副本应诉通知书举证通知书开庭传票本院受理原告诉被告纠纷一案依法向你公告送达起诉状副本应诉通知书举证通知书开庭传票本院受理原告诉被告纠纷一案依法向你公告送达起诉状副本应诉通知书举证通知书开庭传票本院受理原告诉被告纠纷一案依法向你公告送达起诉状副本应诉通知书举证通知书开庭传票本院受理原告诉被告纠纷一案依法向你公告送达起诉状副本应诉通知书举证通知书开庭传票本院受理原告诉被告纠纷一案依法向你公告送达起诉状副本应诉通知书举证通知书开庭传票本院受理原告诉被告纠纷一案依法向你公告送达起诉状副本应诉通知书举证通知书开庭传票本院受理原告诉被告纠纷一案依法向你公告送达起诉状副本应诉通知书举证通知书开庭传票本院受理原告诉被告纠纷一案依法向你公告送达起诉状副本应诉通知书举证通知书开庭传票本院受理原告诉被告纠纷一案依法向你公告送达起诉状副本应诉通知书举证通知书开庭传票本院受理原告诉被告纠纷一案依法向你公告送达起诉状副本应诉通知书举证通知书开庭传票本院受理原告诉被告纠纷一案依法向你公告送达起诉状副本应诉通知书举证通知书开庭传票本院受理原告诉被告纠纷一案依法向你公告送达起诉状副本应诉通知书举证通知书开庭传票本院受理原告诉被告纠纷一案依法向你公告送达起诉状副本应诉通知书举证通知书开庭传票本院受理原告诉被告纠纷一案依法向你公告送达起诉状副本应诉通知书举证通知书开庭传票本院受理原告诉被告纠纷一案依法向你公告送达起诉状副本应诉通知书举证通知书开庭传票本院受理原告诉被告纠纷一案依法向你公告送达起诉状副本应诉通知书举证通知书开庭传票本院受理原告诉被告纠纷一案依法向你公告送达起诉状副本应诉通知书举证通知书开庭传票本院受理原告诉被告纠纷一案依法向你公告送达起诉状副本应诉通知书举证通知书开庭传票本院受理原告诉被告纠纷一案依法向你公告送达起诉状副本应诉通知书举证通知书开庭传票本院受理原告诉被告纠纷一案依法向你公告送达起诉状副本应诉通知书举证通知书开庭传票本院受理原告诉被告纠纷一案依法向你公告送达起诉状副本应诉通知书举证通知书开庭传票本院受理原告诉被告纠纷一案依法向你公告送达起诉状副本应诉通知书举证通知书开庭传票本院受理原告诉被告纠纷一案依法向你公告送达起诉状副本应诉通知书举证通知书开庭传票本院受理原告诉被告纠纷一案依法向你公告送达起诉状副本应诉通知书举证通知书开庭传票

天津市仲裁委员会

本院受理原告诉被告纠纷一案依法向你公告送达起诉状副本应诉通知书举证通知书开庭传票本院受理原告诉被告纠纷一案依法向你公告送达起诉状副本应诉通知书举证通知书开庭传票本院受理原告诉被告纠纷一案依法向你公告送达起诉状副本应诉通知书举证通知书开庭传票本院受理原告诉被告纠纷一案依法向你公告送达起诉状副本应诉通知书举证通知书开庭传票本院受理原告诉被告纠纷一案依法向你公告送达起诉状副本应诉通知书举证通知书开庭传票本院受理原告诉被告纠纷一案依法向你公告送达起诉状副本应诉通知书举证通知书开庭传票本院受理原告诉被告纠纷一案依法向你公告送达起诉状副本应诉通知书举证通知书开庭传票本院受理原告诉被告纠纷一案依法向你公告送达起诉状副本应诉通知书举证通知书开庭传票本院受理原告诉被告纠纷一案依法向你公告送达起诉状副本应诉通知书举证通知书开庭传票本院受理原告诉被告纠纷一案依法向你公告送达起诉状副本应诉通知书举证通知书开庭传票本院受理原告诉被告纠纷一案依法向你公告送达起诉状副本应诉通知书举证通知书开庭传票本院受理原告诉被告纠纷一案依法向你公告送达起诉状副本应诉通知书举证通知书开庭传票本院受理原告诉被告纠纷一案依法向你公告送达起诉状副本应诉通知书举证通知书开庭传票本院受理原告诉被告纠纷一案依法向你公告送达起诉状副本应诉通知书举证通知书开庭传票本院受理原告诉被告纠纷一案依法向你公告送达起诉状副本应诉通知书举证通知书开庭传票本院受理原告诉被告纠纷一案依法向你公告送达起诉状副本应诉通知书举证通知书开庭传票本院受理原告诉被告纠纷一案依法向你公告送达起诉状副本应诉通知书举证通知书开庭传票本院受理原告诉被告纠纷一案依法向你公告送达起诉状副本应诉通知书举证通知书开庭传票本院受理原告诉被告纠纷一案依法向你公告送达起诉状副本应诉通知书举证通知书开庭传票本院受理原告诉被告纠纷一案依法向你公告送达起诉状副本应诉通知书举证通知书开庭传票本院受理原告诉被告纠纷一案依法向你公告送达起诉状副本应诉通知书举证通知书开庭传票本院受理原告诉被告纠纷一案依法向你公告送达起诉状副本应诉通知书举证通知书开庭传票本院受理原告诉被告纠纷一案依法向你公告送达起诉状副本应诉通知书举证通知书开庭传票

三亚市劳动人事争议仲裁委员会

本院受理原告诉被告纠纷一案依法向你公告送达起诉状副本应诉通知书举证通知书开庭传票本院受理原告诉被告纠纷一案依法向你公告送达起诉状副本应诉通知书举证通知书开庭传票本院受理原告诉被告纠纷一案依法向你公告送达起诉状副本应诉通知书举证通知书开庭传票本院受理原告诉被告纠纷一案依法向你公告送达起诉状副本应诉通知书举证通知书开庭传票本院受理原告诉被告纠纷一案依法向你公告送达起诉状副本应诉通知书举证通知书开庭传票本院受理原告诉被告纠纷一案依法向你公告送达起诉状副本应诉通知书举证通知书开庭传票本院受理原告诉被告纠纷一案依法向你公告送达起诉状副本应诉通知书举证通知书开庭传票本院受理原告诉被告纠纷一案依法向你公告送达起诉状副本应诉通知书举证通知书开庭传票本院受理原告诉被告纠纷一案依法向你公告送达起诉状副本应诉通知书举证通知书开庭传票本院受理原告诉被告纠纷一案依法向你公告送达起诉状副本应诉通知书举证通知书开庭传票本院受理原告诉被告纠纷一案依法向你公告送达起诉状副本应诉通知书举证通知书开庭传票本院受理原告诉被告纠纷一案依法向你公告送达起诉状副本应诉通知书举证通知书开庭传票本院受理原告诉被告纠纷一案依法向你公告送达起诉状副本应诉通知书举证通知书开庭传票本院受理原告诉被告纠纷一案依法向你公告送达起诉状副本应诉通知书举证通知书开庭传票本院受理原告诉被告纠纷一案依法向你公告送达起诉状副本应诉通知书举证通知书开庭传票本院受理原告诉被告纠纷一案依法向你公告送达起诉状副本应诉通知书举证通知书开庭传票本院受理原告诉被告纠纷一案依法向你公告送达起诉状副本应诉通知书举证通知书开庭传票本院受理原告诉被告纠纷一案依法向你公告送达起诉状副本应诉通知书举证通知书开庭传票本院受理原告诉被告纠纷一案依法向你公告送达起诉状副本应诉通知书举证通知书开庭传票本院受理原告诉被告纠纷一案依法向你公告送达起诉状副本应诉通知书举证通知书开庭传票本院受理原告诉被告纠纷一案依法向你公告送达起诉状副本应诉通知书举证通知书开庭传票

江苏省苏州市吴江区人民法院

本院受理原告诉被告纠纷一案依法向你公告送达起诉状副本应诉通知书举证通知书开庭传票本院受理原告诉被告纠纷一案依法向你公告送达起诉状副本应诉通知书举证通知书开庭传票本院受理原告诉被告纠纷一案依法向你公告送达起诉状副本应诉通知书举证通知书开庭传票本院受理原告诉被告纠纷一案依法向你公告送达起诉状副本应诉通知书举证通知书开庭传票本院受理原告诉被告纠纷一案依法向你公告送达起诉状副本应诉通知书举证通知书开庭传票本院受理原告诉被告纠纷一案依法向你公告送达起诉状副本应诉通知书举证通知书开庭传票本院受理原告诉被告纠纷一案依法向你公告送达起诉状副本应诉通知书举证通知书开庭传票本院受理原告诉被告纠纷一案依法向你公告送达起诉状副本应诉通知书举证通知书开庭传票本院受理原告诉被告纠纷一案依法向你公告送达起诉状副本应诉通知书举证通知书开庭传票本院受理原告诉被告纠纷一案依法向你公告送达起诉状副本应诉通知书举证通知书开庭传票本院受理原告诉被告纠纷一案依法向你公告送达起诉状副本应诉通知书举证通知书开庭传票本院受理原告诉被告纠纷一案依法向你公告送达起诉状副本应诉通知书举证通知书开庭传票本院受理原告诉被告纠纷一案依法向你公告送达起诉状副本应诉通知书举证通知书开庭传票本院受理原告诉被告纠纷一案依法向你公告送达起诉状副本应诉通知书举证通知书开庭传票本院受理原告诉被告纠纷一案依法向你公告送达起诉状副本应诉通知书举证通知书开庭传票本院受理原告诉被告纠纷一案依法向你公告送达起诉状副本应诉通知书举证通知书开庭传票本院受理原告诉被告纠纷一案依法向你公告送达起诉状副本应诉通知书举证通知书开庭传票本院受理原告诉被告纠纷一案依法向你公告送达起诉状副本应诉通知书举证通知书开庭传票本院受理原告诉被告纠纷一案依法向你公告送达起诉状副本应诉通知书举证通知书开庭传票

江苏省苏州市吴江区人民法院

本院受理原告诉被告纠纷一案依法向你公告送达起诉状副本应诉通知书举证通知书开庭传票本院受理原告诉被告纠纷一案依法向你公告送达起诉状副本应诉通知书举证通知书开庭传票本院受理原告诉被告纠纷一案依法向你公告送达起诉状副本应诉通知书举证通知书开庭传票本院受理原告诉被告纠纷一案依法向你公告送达起诉状副本应诉通知书举证通知书开庭传票本院受理原告诉被告纠纷一案依法向你公告送达起诉状副本应诉通知书举证通知书开庭传票本院受理原告诉被告纠纷一案依法向你公告送达起诉状副本应诉通知书举证通知书开庭传票本院受理原告诉被告纠纷一案依法向你公告送达起诉状副本应诉通知书举证通知书开庭传票本院受理原告诉被告纠纷一案依法向你公告送达起诉状副本应诉通知书举证通知书开庭传票本院受理原告诉被告纠纷一案依法向你公告送达起诉状副本应诉通知书举证通知书开庭传票本院受理原告诉被告纠纷一案依法向你公告送达起诉状副本应诉通知书举证通知书开庭传票本院受理原告诉被告纠纷一案依法向你公告送达起诉状副本应诉通知书举证通知书开庭传票本院受理原告诉被告纠纷一案依法向你公告送达起诉状副本应诉通知书举证通知书开庭传票本院受理原告诉被告纠纷一案依法向你公告送达起诉状副本应诉通知书举证通知书开庭传票本院受理原告诉被告纠纷一案依法向你公告送达起诉状副本应诉通知书举证通知书开庭传票本院受理原告诉被告纠纷一案依法向你公告送达起诉状副本应诉通知书举证通知书开庭传票本院受理原告诉被告纠纷一案依法向你公告送达起诉状副本应诉通知书举证通知书开庭传票本院受理原告诉被告纠纷一案依法向你公告送达起诉状副本应诉通知书举证通知书开庭传票本院受理原告诉被告纠纷一案依法向你公告送达起诉状副本应诉通知书举证通知书开庭传票本院受理原告诉被告纠纷一案依法向你公告送达起诉状副本应诉通知书举证通知书开庭传票本院受理原告诉被告纠纷一案依法向你公告送达起诉状副本应诉通知书举证通知书开庭传票本院受理原告诉被告纠纷一案依法向你公告送达起诉状副本应诉通知书举证通知书开庭传票本院受理原告诉被告纠纷一案依法向你公告送达起诉状副本应诉通知书举证通知书开庭传票本院受理原告诉被告纠纷一案依法向你公告送达起诉状副本应诉通知书举证通知书开庭传票本院受理原告诉被告纠纷一案依法向你公告送达起诉状副本应诉通知书举证通知书开庭传票本院受理原告诉被告纠纷一案依法向你公告送达起诉状副本应诉通知书举证通知书开庭传票本院受理原告诉被告纠纷一案依法向你公告送达起诉状副本应诉通知书举证通知书开庭传票

江苏省苏州市吴江区公证处
